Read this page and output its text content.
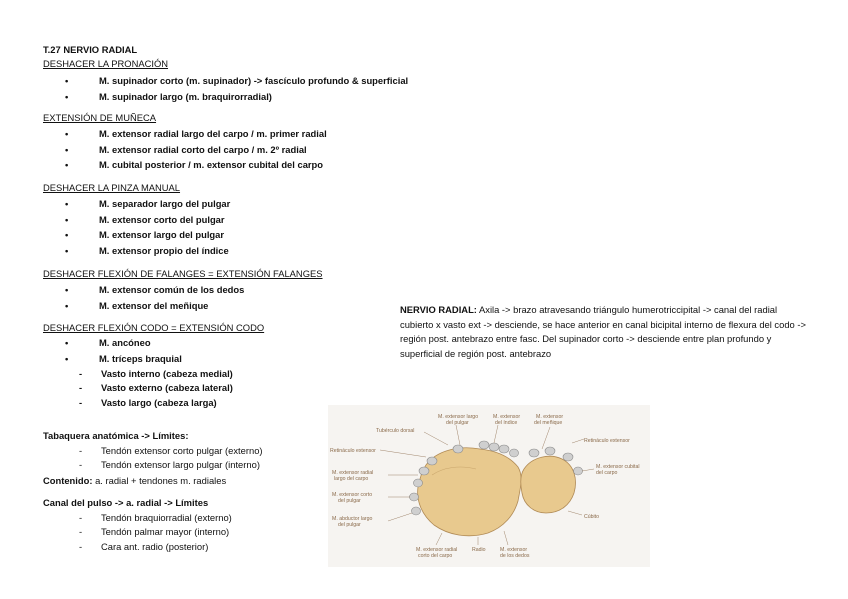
T.27 NERVIO RADIAL
DESHACER LA PRONACIÓN
• M. supinador corto (m. supinador) -> fascículo profundo & superficial
• M. supinador largo (m. braquirorradial)
EXTENSIÓN DE MUÑECA
• M. extensor radial largo del carpo / m. primer radial
• M. extensor radial corto del carpo / m. 2º radial
• M. cubital posterior / m. extensor cubital del carpo
DESHACER LA PINZA MANUAL
• M. separador largo del pulgar
• M. extensor corto del pulgar
• M. extensor largo del pulgar
• M. extensor propio del índice
DESHACER FLEXIÓN DE FALANGES = EXTENSIÓN FALANGES
• M. extensor común de los dedos
• M. extensor del meñique
DESHACER FLEXIÓN CODO = EXTENSIÓN CODO
• M. ancóneo
• M. tríceps braquial
- Vasto interno (cabeza medial)
- Vasto externo (cabeza lateral)
- Vasto largo (cabeza larga)
Tabaquera anatómica -> Límites:
- Tendón extensor corto pulgar (externo)
- Tendón extensor largo pulgar (interno)
Contenido: a. radial + tendones m. radiales
Canal del pulso -> a. radial -> Límites
- Tendón braquiorradial (externo)
- Tendón palmar mayor (interno)
- Cara ant. radio (posterior)
NERVIO RADIAL: Axila -> brazo atravesando triángulo humerotriccipital -> canal del radial cubierto x vasto ext -> desciende, se hace anterior en canal bicipital interno de flexura del codo -> región post. antebrazo entre fasc. Del supinador corto -> desciende entre plan profundo y superficial de región post. antebrazo
Tubérculo dorsal
M. extensor largo
del pulgar
M. extensor
del índice
M. extensor
del meñique
Retináculo extensor
Retináculo extensor
M. extensor radial
largo del carpo
M. extensor corto
del pulgar
M. abductor largo
del pulgar
M. extensor cubital
del carpo
Cúbito
M. extensor radial
corto del carpo
Radio	M. extensor
de los dedos
